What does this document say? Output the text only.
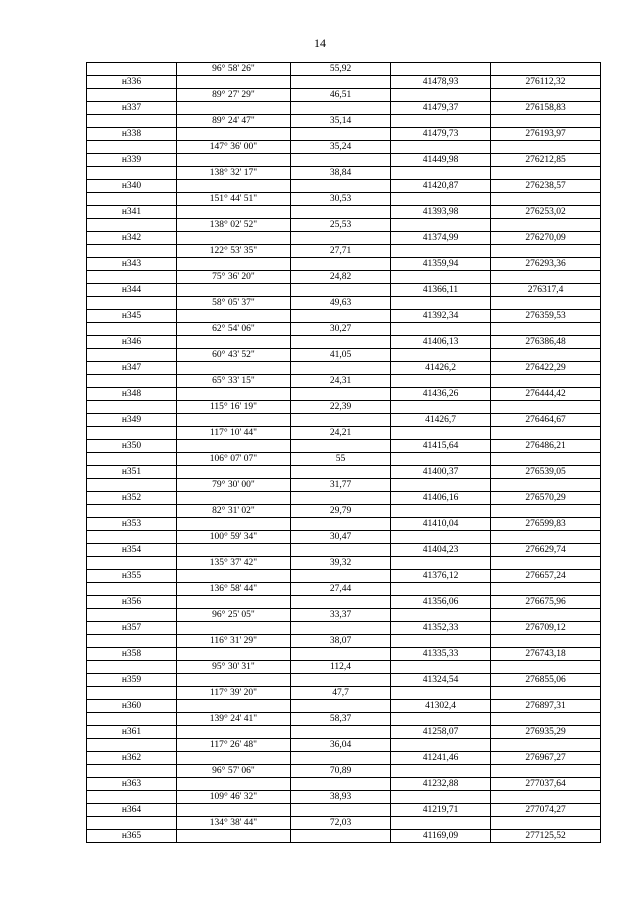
14
	96° 58' 26"	55,92		
н336			41478,93	276112,32
	89° 27' 29"	46,51		
н337			41479,37	276158,83
	89° 24' 47"	35,14		
н338			41479,73	276193,97
	147° 36' 00"	35,24		
н339			41449,98	276212,85
	138° 32' 17"	38,84		
н340			41420,87	276238,57
	151° 44' 51"	30,53		
н341			41393,98	276253,02
	138° 02' 52"	25,53		
н342			41374,99	276270,09
	122° 53' 35"	27,71		
н343			41359,94	276293,36
	75° 36' 20"	24,82		
н344			41366,11	276317,4
	58° 05' 37"	49,63		
н345			41392,34	276359,53
	62° 54' 06"	30,27		
н346			41406,13	276386,48
	60° 43' 52"	41,05		
н347			41426,2	276422,29
	65° 33' 15"	24,31		
н348			41436,26	276444,42
	115° 16' 19"	22,39		
н349			41426,7	276464,67
	117° 10' 44"	24,21		
н350			41415,64	276486,21
	106° 07' 07"	55		
н351			41400,37	276539,05
	79° 30' 00"	31,77		
н352			41406,16	276570,29
	82° 31' 02"	29,79		
н353			41410,04	276599,83
	100° 59' 34"	30,47		
н354			41404,23	276629,74
	135° 37' 42"	39,32		
н355			41376,12	276657,24
	136° 58' 44"	27,44		
н356			41356,06	276675,96
	96° 25' 05"	33,37		
н357			41352,33	276709,12
	116° 31' 29"	38,07		
н358			41335,33	276743,18
	95° 30' 31"	112,4		
н359			41324,54	276855,06
	117° 39' 20"	47,7		
н360			41302,4	276897,31
	139° 24' 41"	58,37		
н361			41258,07	276935,29
	117° 26' 48"	36,04		
н362			41241,46	276967,27
	96° 57' 06"	70,89		
н363			41232,88	277037,64
	109° 46' 32"	38,93		
н364			41219,71	277074,27
	134° 38' 44"	72,03		
н365			41169,09	277125,52
